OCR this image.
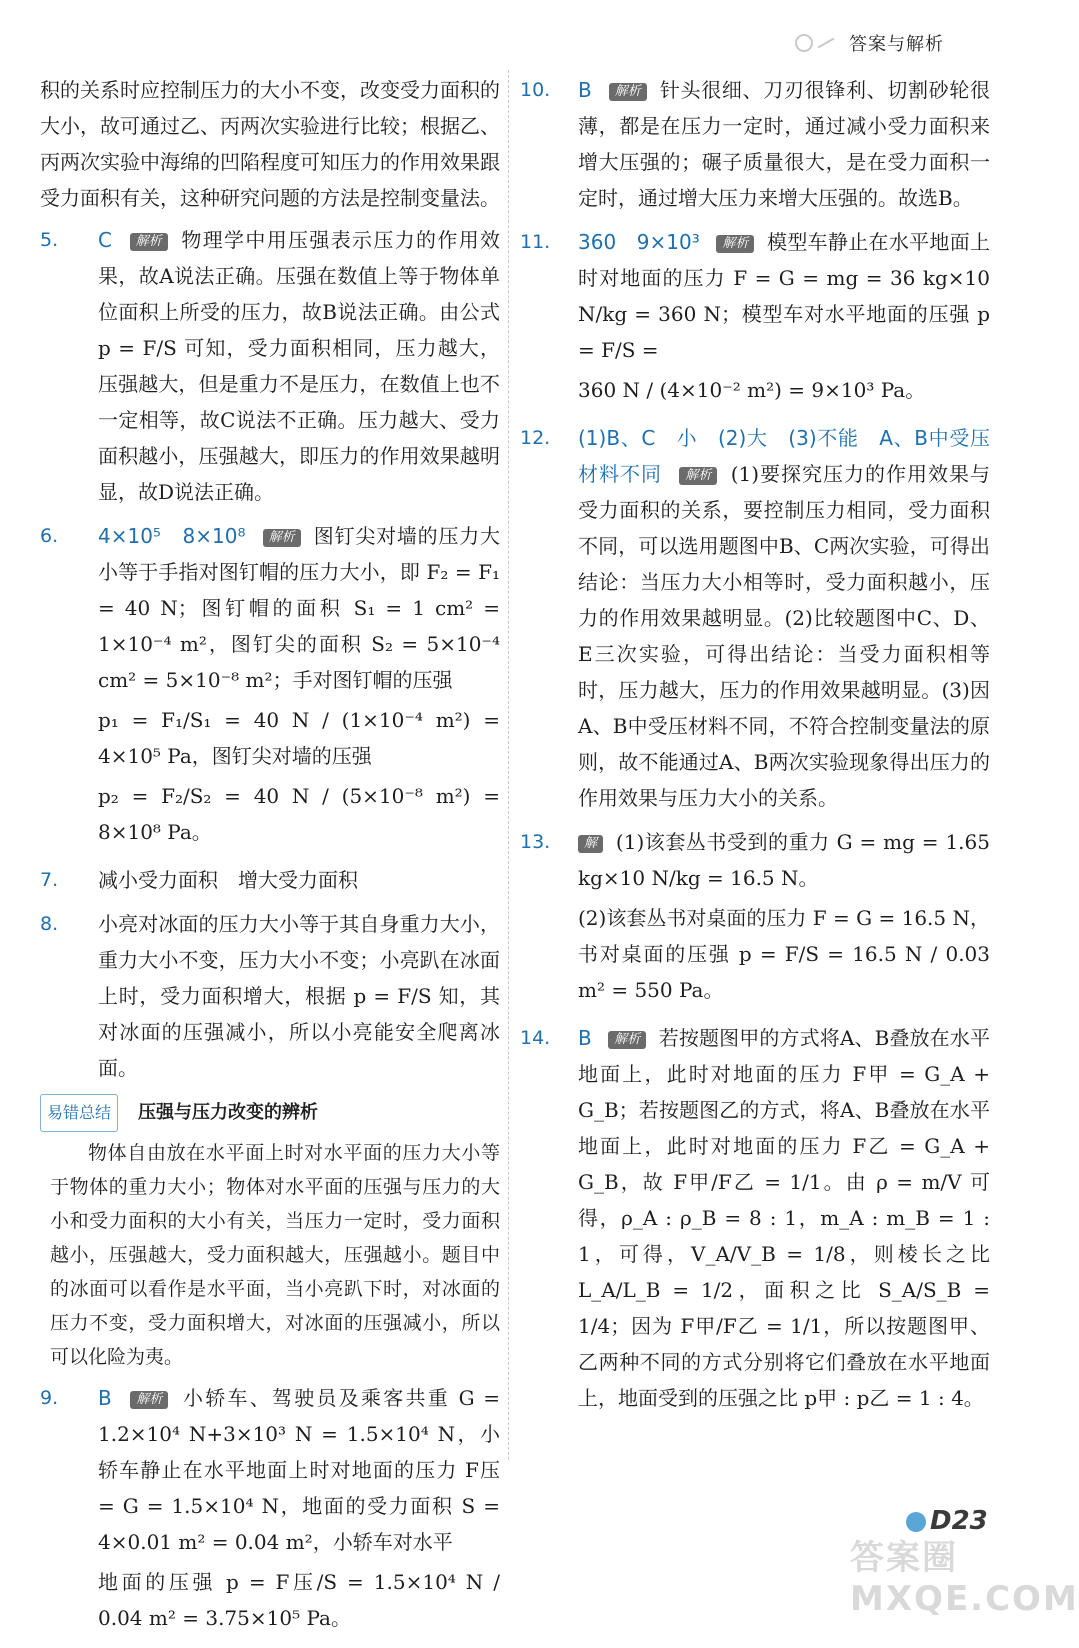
答案与解析

积的关系时应控制压力的大小不变，改变受力面积的大小，故可通过乙、丙两次实验进行比较；根据乙、丙两次实验中海绵的凹陷程度可知压力的作用效果跟受力面积有关，这种研究问题的方法是控制变量法。

5.	C 解析 物理学中用压强表示压力的作用效果，故A说法正确。压强在数值上等于物体单位面积上所受的压力，故B说法正确。由公式 p = F/S 可知，受力面积相同，压力越大，压强越大，但是重力不是压力，在数值上也不一定相等，故C说法不正确。压力越大、受力面积越小，压强越大，即压力的作用效果越明显，故D说法正确。
6.	4×10⁵　8×10⁸ 解析 图钉尖对墙的压力大小等于手指对图钉帽的压力大小，即 F₂ = F₁ = 40 N；图钉帽的面积 S₁ = 1 cm² = 1×10⁻⁴ m²，图钉尖的面积 S₂ = 5×10⁻⁴ cm² = 5×10⁻⁸ m²；手对图钉帽的压强
p₁ = F₁/S₁ = 40 N / (1×10⁻⁴ m²) = 4×10⁵ Pa，图钉尖对墙的压强
p₂ = F₂/S₂ = 40 N / (5×10⁻⁸ m²) = 8×10⁸ Pa。
7.	减小受力面积　增大受力面积
8.	小亮对冰面的压力大小等于其自身重力大小，重力大小不变，压力大小不变；小亮趴在冰面上时，受力面积增大，根据 p = F/S 知，其对冰面的压强减小，所以小亮能安全爬离冰面。
易错总结	压强与压力改变的辨析

物体自由放在水平面上时对水平面的压力大小等于物体的重力大小；物体对水平面的压强与压力的大小和受力面积的大小有关，当压力一定时，受力面积越小，压强越大，受力面积越大，压强越小。题目中的冰面可以看作是水平面，当小亮趴下时，对冰面的压力不变，受力面积增大，对冰面的压强减小，所以可以化险为夷。

9.	B 解析 小轿车、驾驶员及乘客共重 G = 1.2×10⁴ N+3×10³ N = 1.5×10⁴ N，小轿车静止在水平地面上时对地面的压力 F压 = G = 1.5×10⁴ N，地面的受力面积 S = 4×0.01 m² = 0.04 m²，小轿车对水平
地面的压强 p = F压/S = 1.5×10⁴ N / 0.04 m² = 3.75×10⁵ Pa。
10.	B 解析 针头很细、刀刃很锋利、切割砂轮很薄，都是在压力一定时，通过减小受力面积来增大压强的；碾子质量很大，是在受力面积一定时，通过增大压力来增大压强的。故选B。
11.	360　9×10³ 解析 模型车静止在水平地面上时对地面的压力 F = G = mg = 36 kg×10 N/kg = 360 N；模型车对水平地面的压强 p = F/S =
360 N / (4×10⁻² m²) = 9×10³ Pa。
12.	(1)B、C　小　(2)大　(3)不能　A、B中受压材料不同 解析 (1)要探究压力的作用效果与受力面积的关系，要控制压力相同，受力面积不同，可以选用题图中B、C两次实验，可得出结论：当压力大小相等时，受力面积越小，压力的作用效果越明显。(2)比较题图中C、D、E三次实验，可得出结论：当受力面积相等时，压力越大，压力的作用效果越明显。(3)因A、B中受压材料不同，不符合控制变量法的原则，故不能通过A、B两次实验现象得出压力的作用效果与压力大小的关系。
13.	解 (1)该套丛书受到的重力 G = mg = 1.65 kg×10 N/kg = 16.5 N。
(2)该套丛书对桌面的压力 F = G = 16.5 N，书对桌面的压强 p = F/S = 16.5 N / 0.03 m² = 550 Pa。
14.	B 解析 若按题图甲的方式将A、B叠放在水平地面上，此时对地面的压力 F甲 = G_A + G_B；若按题图乙的方式，将A、B叠放在水平地面上，此时对地面的压力 F乙 = G_A + G_B，故 F甲/F乙 = 1/1。由 ρ = m/V 可得，ρ_A : ρ_B = 8 : 1，m_A : m_B = 1 : 1，可得，V_A/V_B = 1/8，则棱长之比 L_A/L_B = 1/2，面积之比 S_A/S_B = 1/4；因为 F甲/F乙 = 1/1，所以按题图甲、乙两种不同的方式分别将它们叠放在水平地面上，地面受到的压强之比 p甲 : p乙 = 1 : 4。
D23
答案圈 MXQE.COM
